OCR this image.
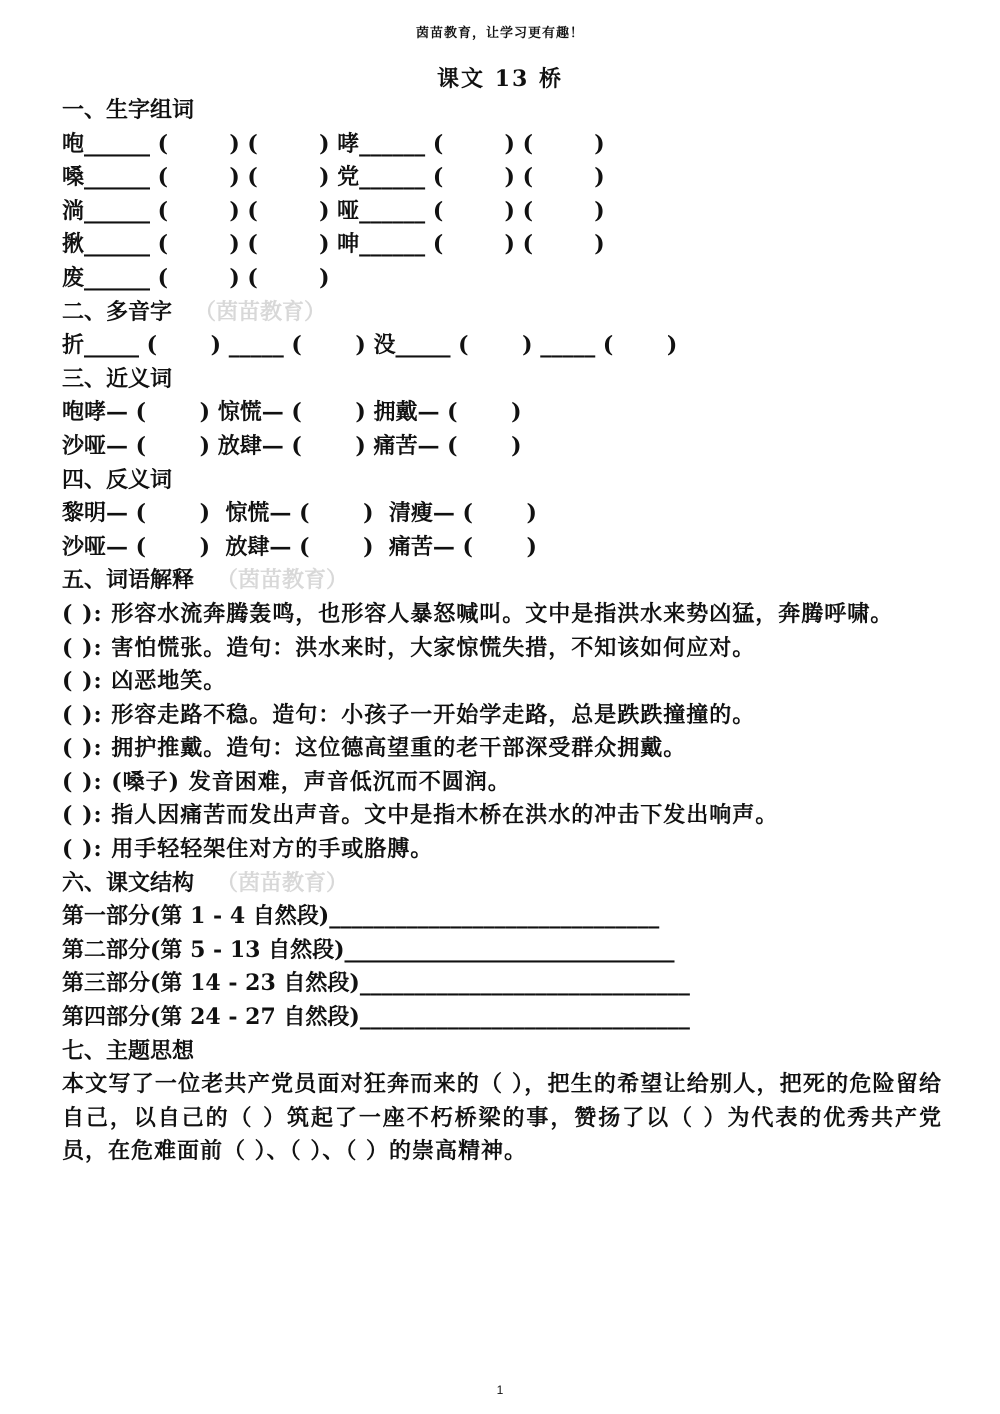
茵苗教育，让学习更有趣！
课文 13 桥
一、生字组词
咆______ (        ) (        ) 哮______ (        ) (        )
嗓______ (        ) (        ) 党______ (        ) (        )
淌______ (        ) (        ) 哑______ (        ) (        )
揪______ (        ) (        ) 呻______ (        ) (        )
废______ (        ) (        )
二、多音字 （茵苗教育）
折_____ (       ) _____ (       ) 没_____ (       ) _____ (       )
三、近义词
咆哮— (       ) 惊慌— (       ) 拥戴— (       )
沙哑— (       ) 放肆— (       ) 痛苦— (       )
四、反义词
黎明— (       )  惊慌— (       )  清瘦— (       )
沙哑— (       )  放肆— (       )  痛苦— (       )
五、词语解释 （茵苗教育）
( ): 形容水流奔腾轰鸣，也形容人暴怒喊叫。文中是指洪水来势凶猛，奔腾呼啸。
( ): 害怕慌张。造句：洪水来时，大家惊慌失措，不知该如何应对。
( ): 凶恶地笑。
( ): 形容走路不稳。造句：小孩子一开始学走路，总是跌跌撞撞的。
( ): 拥护推戴。造句：这位德高望重的老干部深受群众拥戴。
( ): (嗓子) 发音困难，声音低沉而不圆润。
( ): 指人因痛苦而发出声音。文中是指木桥在洪水的冲击下发出响声。
( ): 用手轻轻架住对方的手或胳膊。
六、课文结构 （茵苗教育）
第一部分(第 1 - 4 自然段)______________________________
第二部分(第 5 - 13 自然段)______________________________
第三部分(第 14 - 23 自然段)______________________________
第四部分(第 24 - 27 自然段)______________________________
七、主题思想
本文写了一位老共产党员面对狂奔而来的（ ），把生的希望让给别人，把死的危险留给自己，以自己的（ ）筑起了一座不朽桥梁的事，赞扬了以（ ）为代表的优秀共产党员，在危难面前（ ）、（ ）、（ ）的崇高精神。
1
